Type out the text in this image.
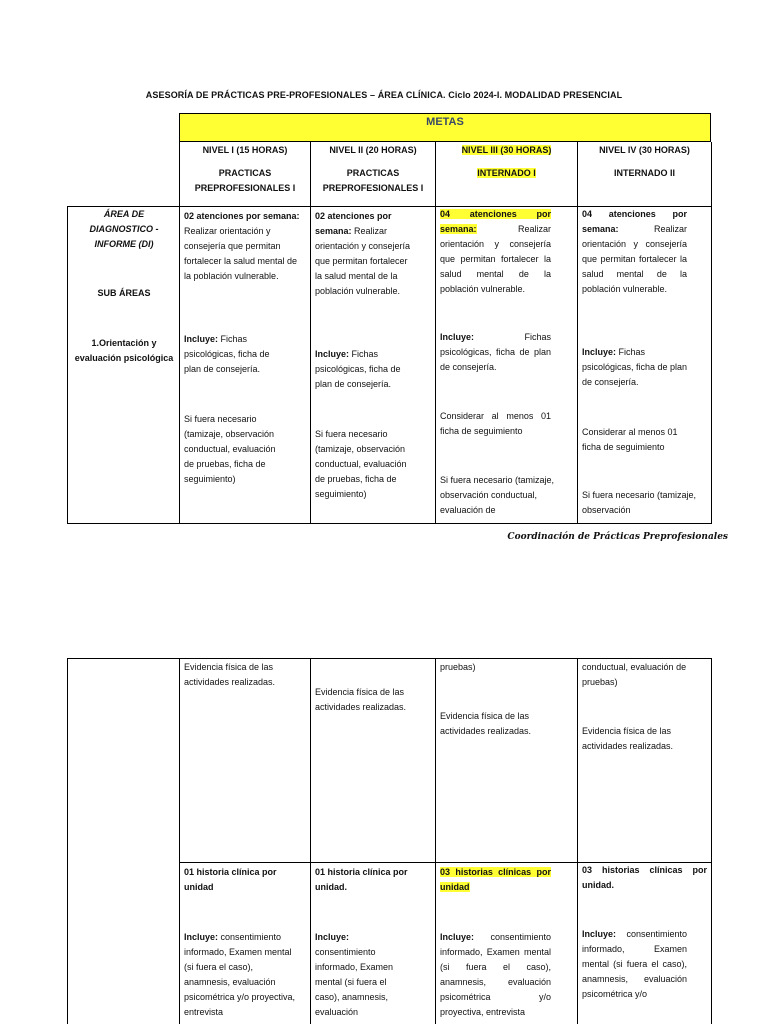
ASESORÍA DE PRÁCTICAS PRE-PROFESIONALES – ÁREA CLÍNICA. Ciclo 2024-I. MODALIDAD PRESENCIAL
METAS
NIVEL I (15 HORAS)
PRACTICAS PREPROFESIONALES I
NIVEL II (20 HORAS)
PRACTICAS PREPROFESIONALES I
NIVEL III (30 HORAS)
INTERNADO I
NIVEL IV (30 HORAS)
INTERNADO II
ÁREA DE DIAGNOSTICO - INFORME (DI)
SUB ÁREAS
1.Orientación y evaluación psicológica
02 atenciones por semana: Realizar orientación y consejería que permitan fortalecer la salud mental de la población vulnerable.
Incluye: Fichas psicológicas, ficha de plan de consejería.
Si fuera necesario (tamizaje, observación conductual, evaluación de pruebas, ficha de seguimiento)
02 atenciones por semana: Realizar orientación y consejería que permitan fortalecer la salud mental de la población vulnerable.
Incluye: Fichas psicológicas, ficha de plan de consejería.
Si fuera necesario (tamizaje, observación conductual, evaluación de pruebas, ficha de seguimiento)
04 atenciones por semana: Realizar orientación y consejería que permitan fortalecer la salud mental de la población vulnerable.
Incluye: Fichas psicológicas, ficha de plan de consejería.
Considerar al menos 01 ficha de seguimiento
Si fuera necesario (tamizaje, observación conductual, evaluación de
04 atenciones por semana: Realizar orientación y consejería que permitan fortalecer la salud mental de la población vulnerable.
Incluye: Fichas psicológicas, ficha de plan de consejería.
Considerar al menos 01 ficha de seguimiento
Si fuera necesario (tamizaje, observación
Coordinación de Prácticas Preprofesionales
Evidencia física de las actividades realizadas.
Evidencia física de las actividades realizadas.
pruebas)
Evidencia física de las actividades realizadas.
conductual, evaluación de pruebas)
Evidencia física de las actividades realizadas.
01 historia clínica por unidad
01 historia clínica por unidad.
03 historias clínicas por unidad
03 historias clínicas por unidad.
Incluye: consentimiento informado, Examen mental (si fuera el caso), anamnesis, evaluación psicométrica y/o proyectiva, entrevista
Incluye: consentimiento informado, Examen mental (si fuera el caso), anamnesis, evaluación
Incluye: consentimiento informado, Examen mental (si fuera el caso), anamnesis, evaluación psicométrica y/o proyectiva, entrevista
Incluye: consentimiento informado, Examen mental (si fuera el caso), anamnesis, evaluación psicométrica y/o
